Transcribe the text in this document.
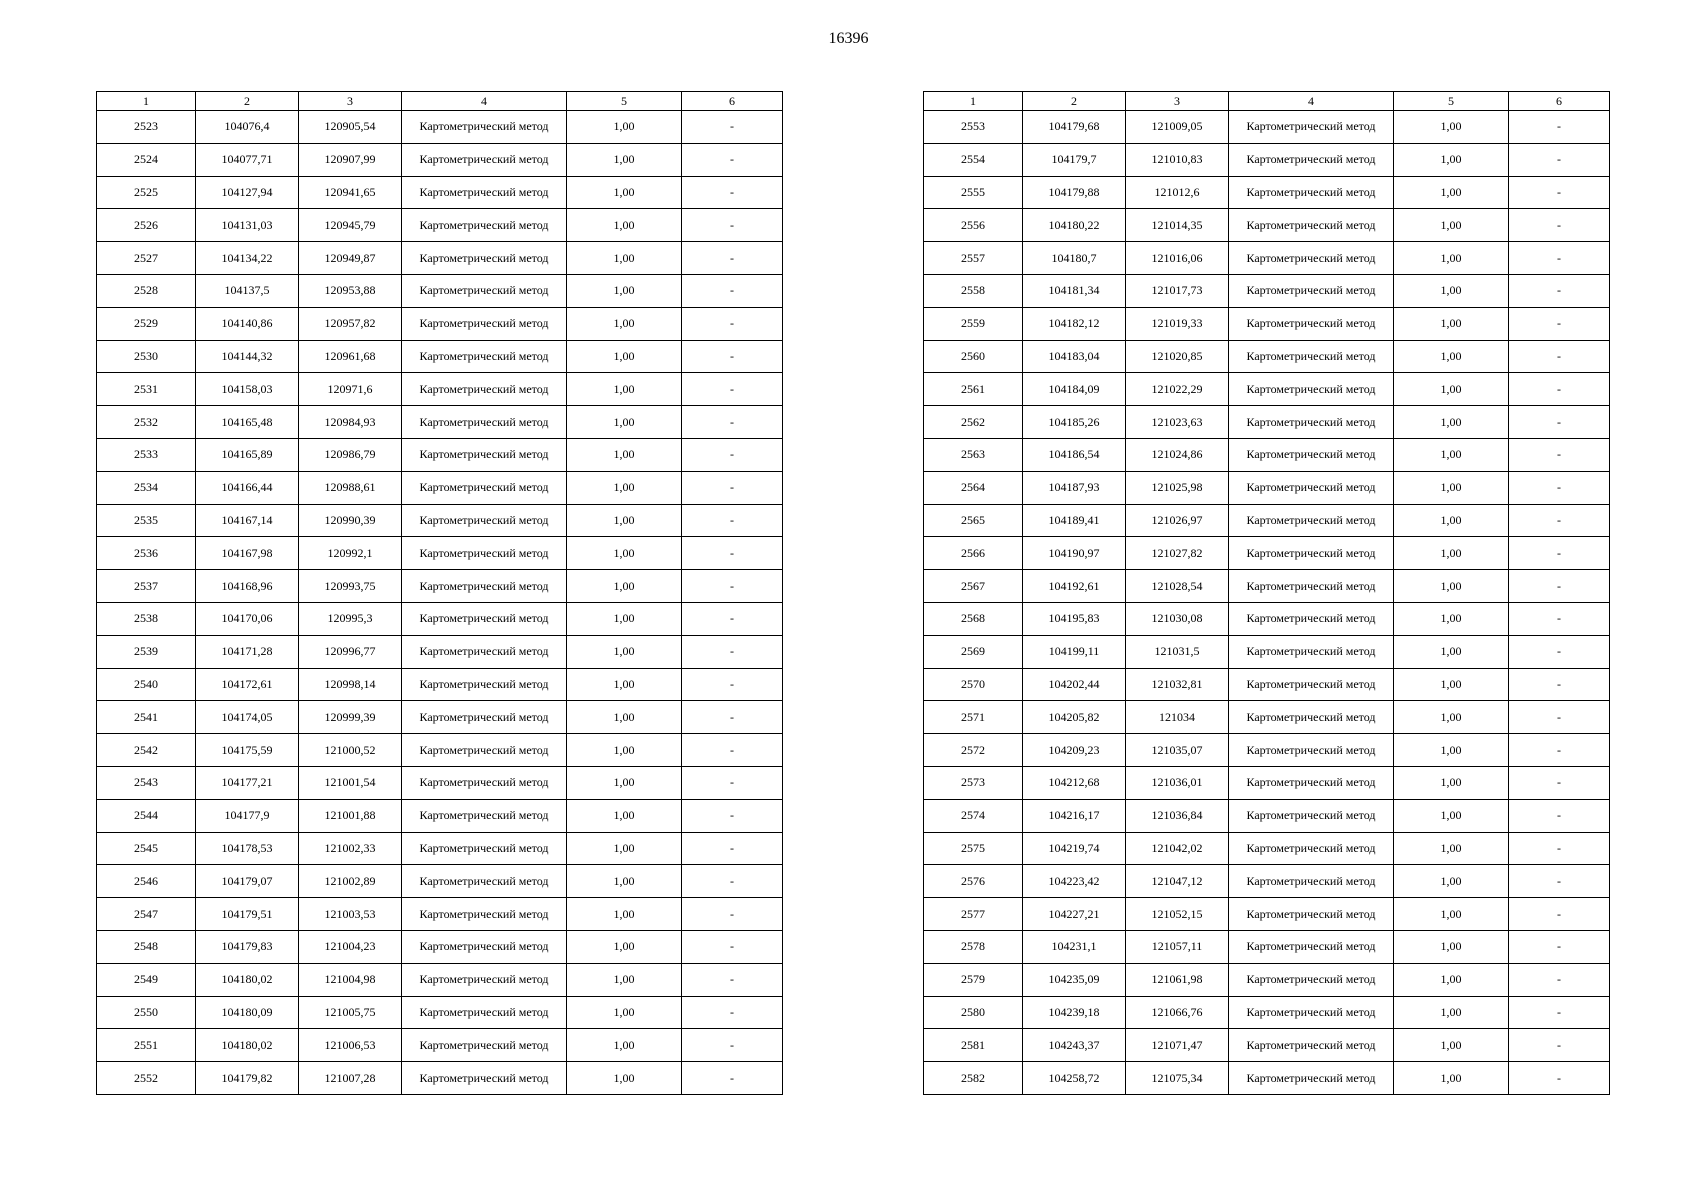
16396
1	2	3	4	5	6
2523	104076,4	120905,54	Картометрический метод	1,00	-
2524	104077,71	120907,99	Картометрический метод	1,00	-
2525	104127,94	120941,65	Картометрический метод	1,00	-
2526	104131,03	120945,79	Картометрический метод	1,00	-
2527	104134,22	120949,87	Картометрический метод	1,00	-
2528	104137,5	120953,88	Картометрический метод	1,00	-
2529	104140,86	120957,82	Картометрический метод	1,00	-
2530	104144,32	120961,68	Картометрический метод	1,00	-
2531	104158,03	120971,6	Картометрический метод	1,00	-
2532	104165,48	120984,93	Картометрический метод	1,00	-
2533	104165,89	120986,79	Картометрический метод	1,00	-
2534	104166,44	120988,61	Картометрический метод	1,00	-
2535	104167,14	120990,39	Картометрический метод	1,00	-
2536	104167,98	120992,1	Картометрический метод	1,00	-
2537	104168,96	120993,75	Картометрический метод	1,00	-
2538	104170,06	120995,3	Картометрический метод	1,00	-
2539	104171,28	120996,77	Картометрический метод	1,00	-
2540	104172,61	120998,14	Картометрический метод	1,00	-
2541	104174,05	120999,39	Картометрический метод	1,00	-
2542	104175,59	121000,52	Картометрический метод	1,00	-
2543	104177,21	121001,54	Картометрический метод	1,00	-
2544	104177,9	121001,88	Картометрический метод	1,00	-
2545	104178,53	121002,33	Картометрический метод	1,00	-
2546	104179,07	121002,89	Картометрический метод	1,00	-
2547	104179,51	121003,53	Картометрический метод	1,00	-
2548	104179,83	121004,23	Картометрический метод	1,00	-
2549	104180,02	121004,98	Картометрический метод	1,00	-
2550	104180,09	121005,75	Картометрический метод	1,00	-
2551	104180,02	121006,53	Картометрический метод	1,00	-
2552	104179,82	121007,28	Картометрический метод	1,00	-
1	2	3	4	5	6
2553	104179,68	121009,05	Картометрический метод	1,00	-
2554	104179,7	121010,83	Картометрический метод	1,00	-
2555	104179,88	121012,6	Картометрический метод	1,00	-
2556	104180,22	121014,35	Картометрический метод	1,00	-
2557	104180,7	121016,06	Картометрический метод	1,00	-
2558	104181,34	121017,73	Картометрический метод	1,00	-
2559	104182,12	121019,33	Картометрический метод	1,00	-
2560	104183,04	121020,85	Картометрический метод	1,00	-
2561	104184,09	121022,29	Картометрический метод	1,00	-
2562	104185,26	121023,63	Картометрический метод	1,00	-
2563	104186,54	121024,86	Картометрический метод	1,00	-
2564	104187,93	121025,98	Картометрический метод	1,00	-
2565	104189,41	121026,97	Картометрический метод	1,00	-
2566	104190,97	121027,82	Картометрический метод	1,00	-
2567	104192,61	121028,54	Картометрический метод	1,00	-
2568	104195,83	121030,08	Картометрический метод	1,00	-
2569	104199,11	121031,5	Картометрический метод	1,00	-
2570	104202,44	121032,81	Картометрический метод	1,00	-
2571	104205,82	121034	Картометрический метод	1,00	-
2572	104209,23	121035,07	Картометрический метод	1,00	-
2573	104212,68	121036,01	Картометрический метод	1,00	-
2574	104216,17	121036,84	Картометрический метод	1,00	-
2575	104219,74	121042,02	Картометрический метод	1,00	-
2576	104223,42	121047,12	Картометрический метод	1,00	-
2577	104227,21	121052,15	Картометрический метод	1,00	-
2578	104231,1	121057,11	Картометрический метод	1,00	-
2579	104235,09	121061,98	Картометрический метод	1,00	-
2580	104239,18	121066,76	Картометрический метод	1,00	-
2581	104243,37	121071,47	Картометрический метод	1,00	-
2582	104258,72	121075,34	Картометрический метод	1,00	-
